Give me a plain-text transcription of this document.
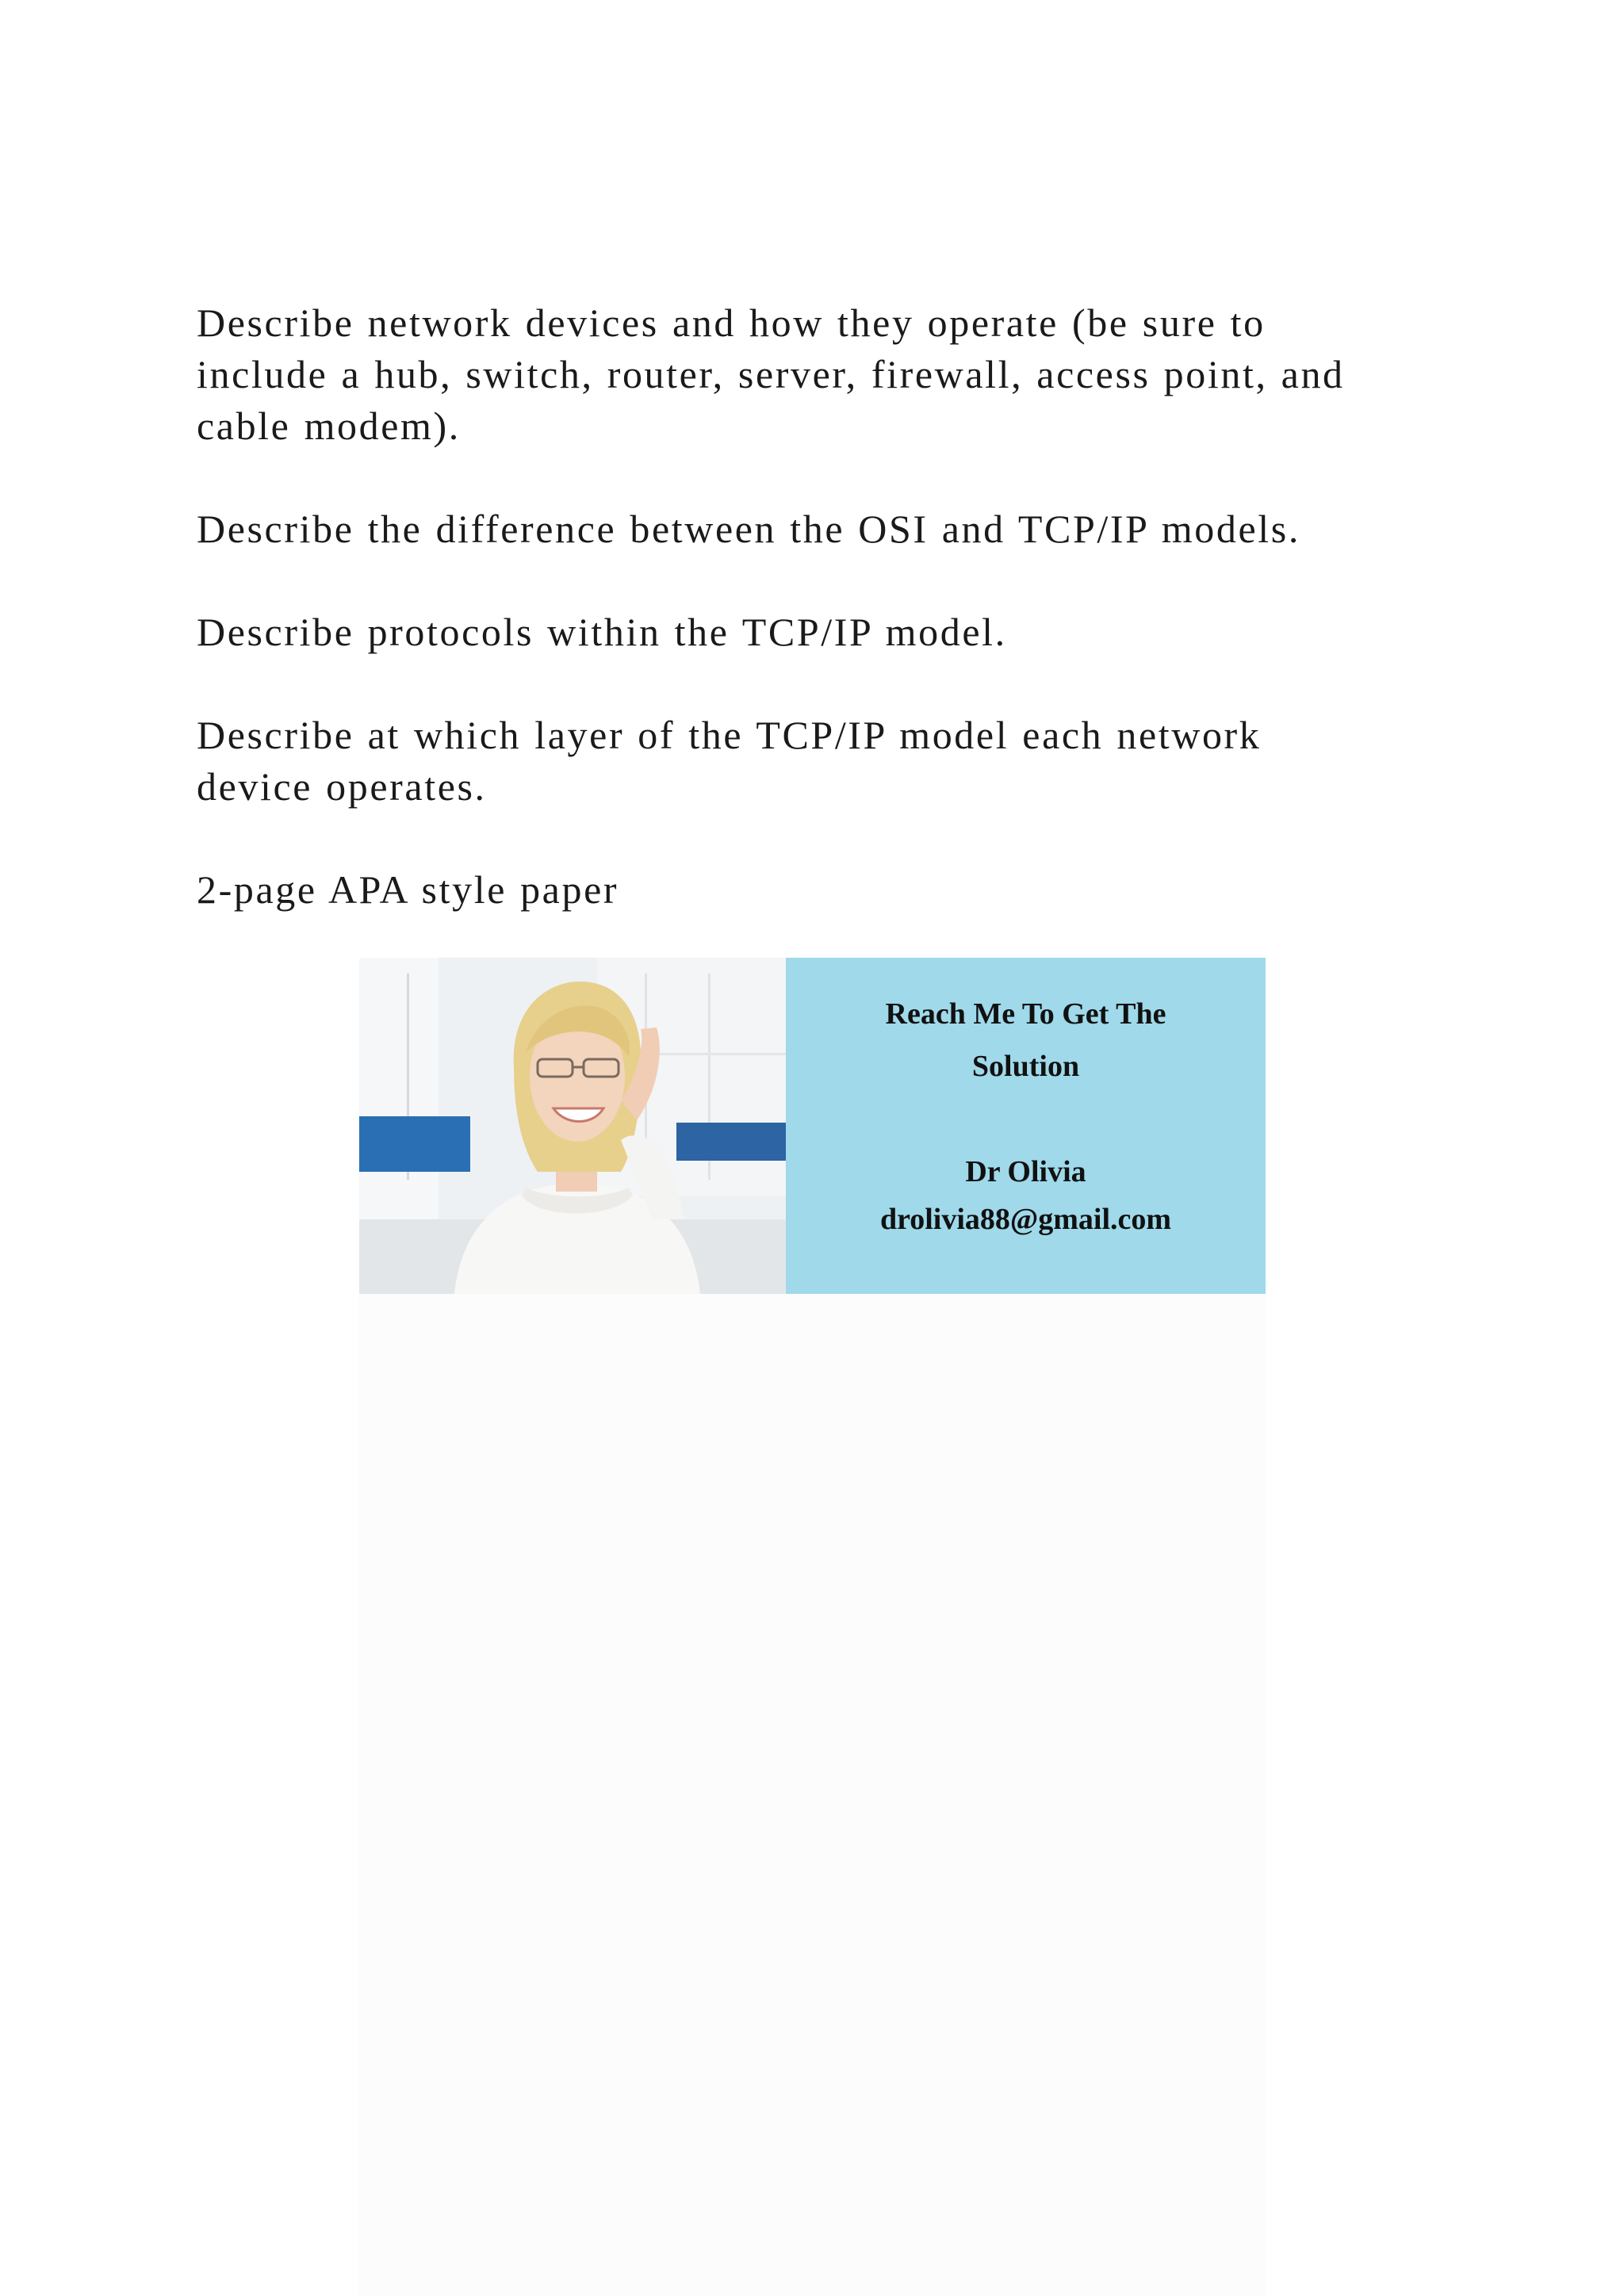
Describe network devices and how they operate (be sure to
include a hub, switch, router, server, firewall, access point, and
cable modem).

Describe the difference between the OSI and TCP/IP models.

Describe protocols within the TCP/IP model.

Describe at which layer of the TCP/IP model each network
device operates.

2-page APA style paper

Reach Me To Get The
Solution
Dr Olivia
drolivia88@gmail.com
